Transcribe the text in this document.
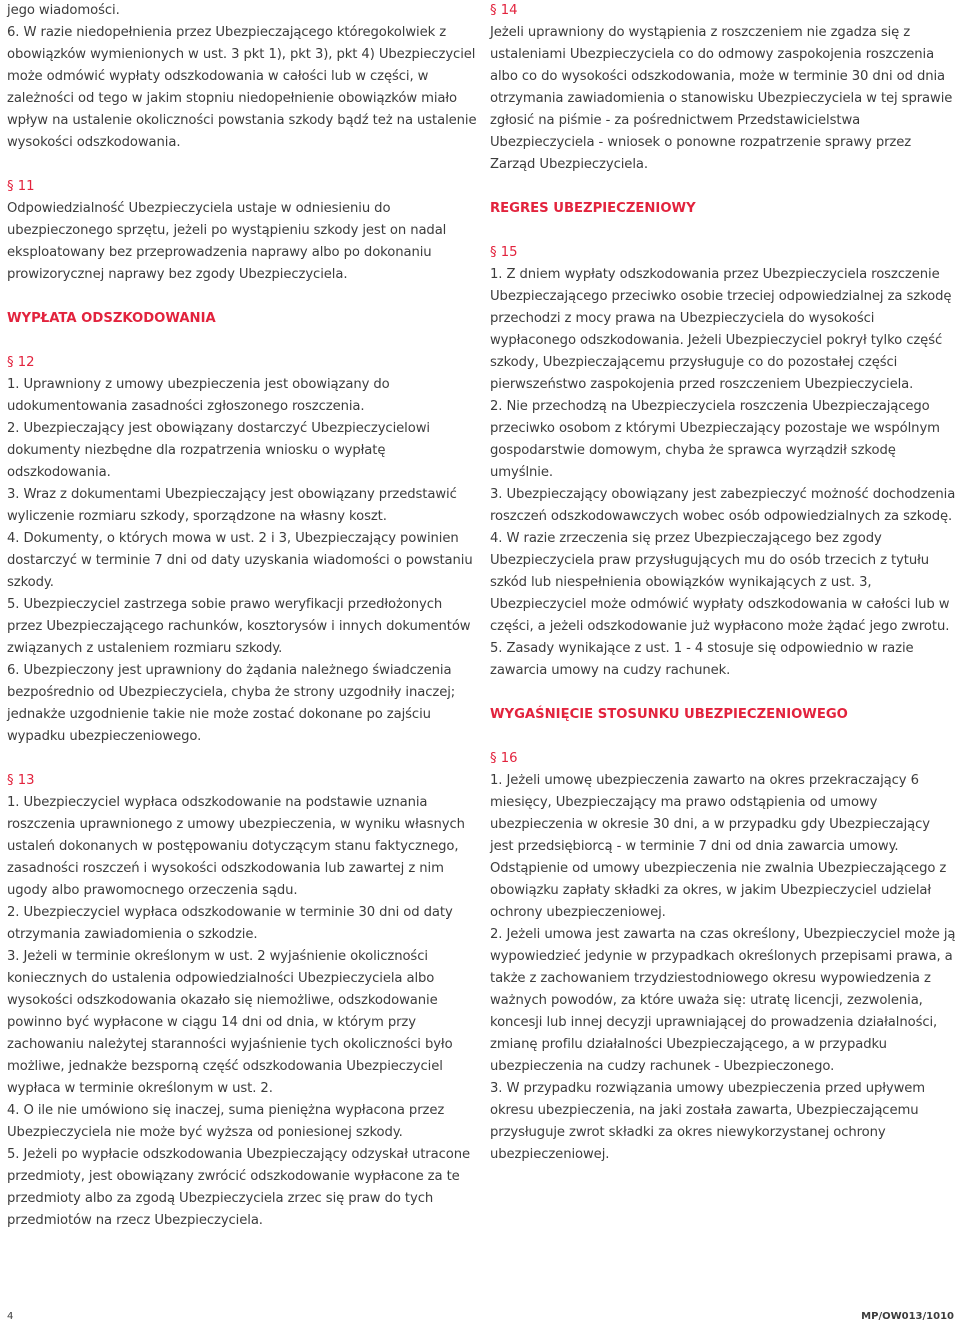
jego wiadomości.

6. W razie niedopełnienia przez Ubezpieczającego któregokolwiek z obowiązków wymienionych w ust. 3 pkt 1), pkt 3), pkt 4) Ubezpieczyciel może odmówić wypłaty odszkodowania w całości lub w części, w zależności od tego w jakim stopniu niedopełnienie obowiązków miało wpływ na ustalenie okoliczności powstania szkody bądź też na ustalenie wysokości odszkodowania.

§ 11

Odpowiedzialność Ubezpieczyciela ustaje w odniesieniu do ubezpieczonego sprzętu, jeżeli po wystąpieniu szkody jest on nadal eksploatowany bez przeprowadzenia naprawy albo po dokonaniu prowizorycznej naprawy bez zgody Ubezpieczyciela.

WYPŁATA ODSZKODOWANIA

§ 12

1. Uprawniony z umowy ubezpieczenia jest obowiązany do udokumentowania zasadności zgłoszonego roszczenia.

2. Ubezpieczający jest obowiązany dostarczyć Ubezpieczycielowi dokumenty niezbędne dla rozpatrzenia wniosku o wypłatę odszkodowania.

3. Wraz z dokumentami Ubezpieczający jest obowiązany przedstawić wyliczenie rozmiaru szkody, sporządzone na własny koszt.

4. Dokumenty, o których mowa w ust. 2 i 3, Ubezpieczający powinien dostarczyć w terminie 7 dni od daty uzyskania wiadomości o powstaniu szkody.

5. Ubezpieczyciel zastrzega sobie prawo weryfikacji przedłożonych przez Ubezpieczającego rachunków, kosztorysów i innych dokumentów związanych z ustaleniem rozmiaru szkody.

6. Ubezpieczony jest uprawniony do żądania należnego świadczenia bezpośrednio od Ubezpieczyciela, chyba że strony uzgodniły inaczej; jednakże uzgodnienie takie nie może zostać dokonane po zajściu wypadku ubezpieczeniowego.

§ 13

1. Ubezpieczyciel wypłaca odszkodowanie na podstawie uznania roszczenia uprawnionego z umowy ubezpieczenia, w wyniku własnych ustaleń dokonanych w postępowaniu dotyczącym stanu faktycznego, zasadności roszczeń i wysokości odszkodowania lub zawartej z nim ugody albo prawomocnego orzeczenia sądu.

2. Ubezpieczyciel wypłaca odszkodowanie w terminie 30 dni od daty otrzymania zawiadomienia o szkodzie.

3. Jeżeli w terminie określonym w ust. 2 wyjaśnienie okoliczności koniecznych do ustalenia odpowiedzialności Ubezpieczyciela albo wysokości odszkodowania okazało się niemożliwe, odszkodowanie powinno być wypłacone w ciągu 14 dni od dnia, w którym przy zachowaniu należytej staranności wyjaśnienie tych okoliczności było możliwe, jednakże bezsporną część odszkodowania Ubezpieczyciel wypłaca w terminie określonym w ust. 2.

4. O ile nie umówiono się inaczej, suma pieniężna wypłacona przez Ubezpieczyciela nie może być wyższa od poniesionej szkody.

5. Jeżeli po wypłacie odszkodowania Ubezpieczający odzyskał utracone przedmioty, jest obowiązany zwrócić odszkodowanie wypłacone za te przedmioty albo za zgodą Ubezpieczyciela zrzec się praw do tych przedmiotów na rzecz Ubezpieczyciela.

§ 14

Jeżeli uprawniony do wystąpienia z roszczeniem nie zgadza się z ustaleniami Ubezpieczyciela co do odmowy zaspokojenia roszczenia albo co do wysokości odszkodowania, może w terminie 30 dni od dnia otrzymania zawiadomienia o stanowisku Ubezpieczyciela w tej sprawie zgłosić na piśmie - za pośrednictwem Przedstawicielstwa Ubezpieczyciela - wniosek o ponowne rozpatrzenie sprawy przez Zarząd Ubezpieczyciela.

REGRES UBEZPIECZENIOWY

§ 15

1. Z dniem wypłaty odszkodowania przez Ubezpieczyciela roszczenie Ubezpieczającego przeciwko osobie trzeciej odpowiedzialnej za szkodę przechodzi z mocy prawa na Ubezpieczyciela do wysokości wypłaconego odszkodowania. Jeżeli Ubezpieczyciel pokrył tylko część szkody, Ubezpieczającemu przysługuje co do pozostałej części pierwszeństwo zaspokojenia przed roszczeniem Ubezpieczyciela.

2. Nie przechodzą na Ubezpieczyciela roszczenia Ubezpieczającego przeciwko osobom z którymi Ubezpieczający pozostaje we wspólnym gospodarstwie domowym, chyba że sprawca wyrządził szkodę umyślnie.

3. Ubezpieczający obowiązany jest zabezpieczyć możność dochodzenia roszczeń odszkodowawczych wobec osób odpowiedzialnych za szkodę.

4. W razie zrzeczenia się przez Ubezpieczającego bez zgody Ubezpieczyciela praw przysługujących mu do osób trzecich z tytułu szkód lub niespełnienia obowiązków wynikających z ust. 3, Ubezpieczyciel może odmówić wypłaty odszkodowania w całości lub w części, a jeżeli odszkodowanie już wypłacono może żądać jego zwrotu.

5. Zasady wynikające z ust. 1 - 4 stosuje się odpowiednio w razie zawarcia umowy na cudzy rachunek.

WYGAŚNIĘCIE STOSUNKU UBEZPIECZENIOWEGO

§ 16

1. Jeżeli umowę ubezpieczenia zawarto na okres przekraczający 6 miesięcy, Ubezpieczający ma prawo odstąpienia od umowy ubezpieczenia w okresie 30 dni, a w przypadku gdy Ubezpieczający jest przedsiębiorcą - w terminie 7 dni od dnia zawarcia umowy. Odstąpienie od umowy ubezpieczenia nie zwalnia Ubezpieczającego z obowiązku zapłaty składki za okres, w jakim Ubezpieczyciel udzielał ochrony ubezpieczeniowej.

2. Jeżeli umowa jest zawarta na czas określony, Ubezpieczyciel może ją wypowiedzieć jedynie w przypadkach określonych przepisami prawa, a także z zachowaniem trzydziestodniowego okresu wypowiedzenia z ważnych powodów, za które uważa się: utratę licencji, zezwolenia, koncesji lub innej decyzji uprawniającej do prowadzenia działalności, zmianę profilu działalności Ubezpieczającego, a w przypadku ubezpieczenia na cudzy rachunek - Ubezpieczonego.

3. W przypadku rozwiązania umowy ubezpieczenia przed upływem okresu ubezpieczenia, na jaki została zawarta, Ubezpieczającemu przysługuje zwrot składki za okres niewykorzystanej ochrony ubezpieczeniowej.

4	MP/OW013/1010
